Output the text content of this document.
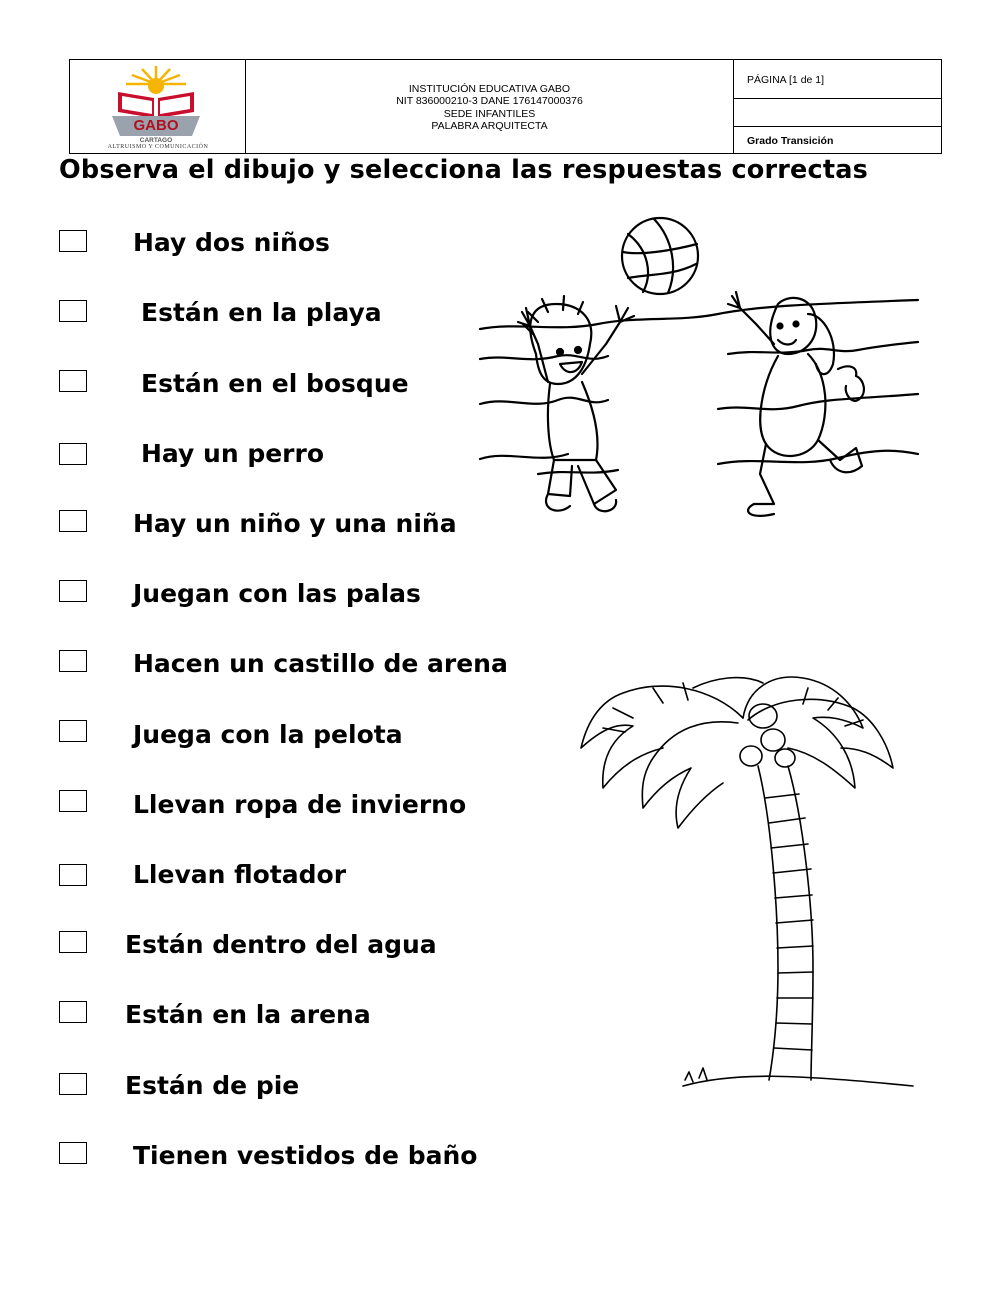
GABO
CARTAGO
ALTRUISMO Y COMUNICACIÓN
INSTITUCIÓN EDUCATIVA GABO
NIT 836000210-3 DANE 176147000376
SEDE INFANTILES
PALABRA ARQUITECTA
PÁGINA [1 de 1]
Grado Transición
Observa el dibujo y selecciona las respuestas correctas
Hay dos niños
Están en la playa
Están en el bosque
Hay un perro
Hay un niño y una niña
Juegan con las palas
Hacen un castillo de arena
Juega con la pelota
Llevan ropa de invierno
Llevan flotador
Están dentro del agua
Están en la arena
Están de pie
Tienen vestidos de baño
